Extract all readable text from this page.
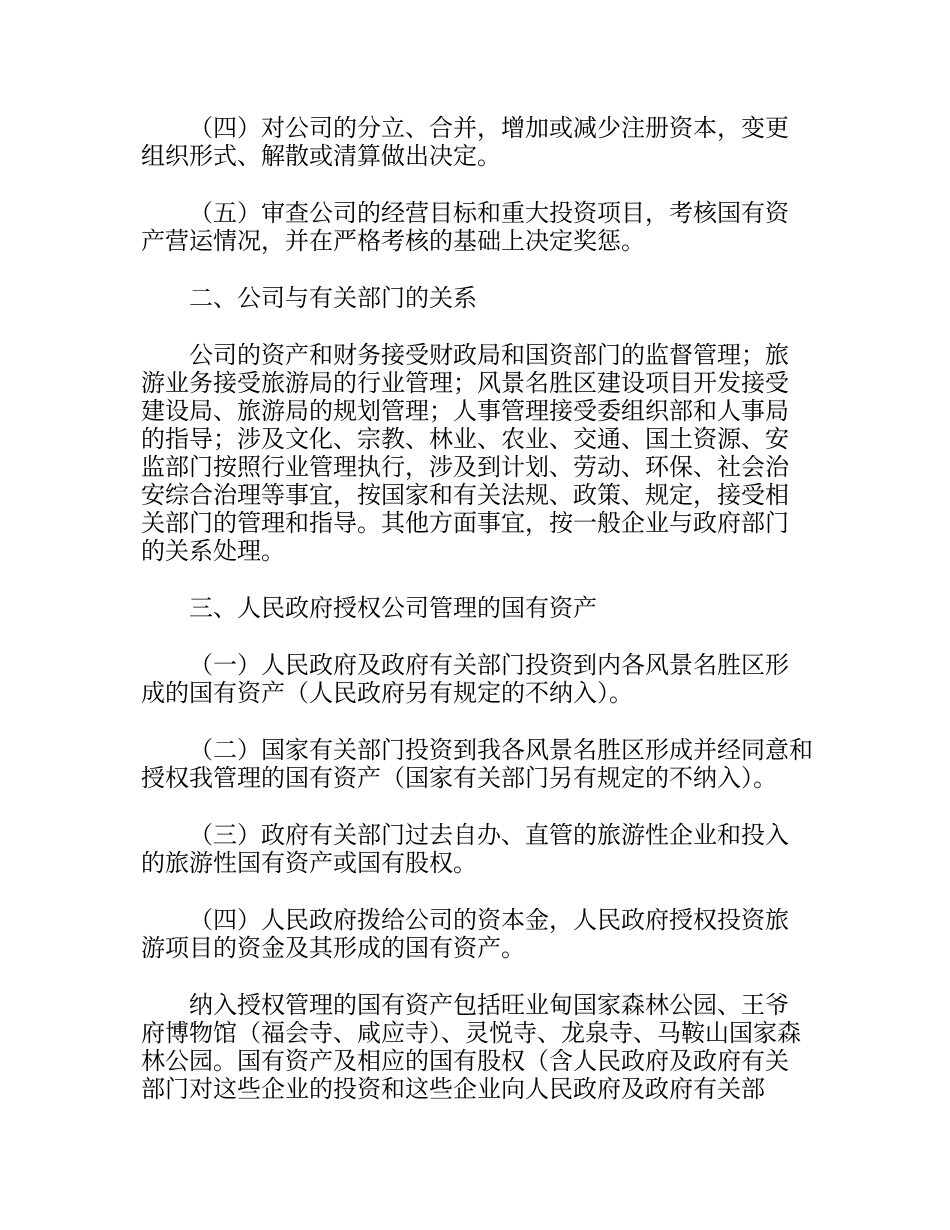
（四）对公司的分立、合并，增加或减少注册资本，变更组织形式、解散或清算做出决定。

（五）审查公司的经营目标和重大投资项目，考核国有资产营运情况，并在严格考核的基础上决定奖惩。

二、公司与有关部门的关系

公司的资产和财务接受财政局和国资部门的监督管理；旅游业务接受旅游局的行业管理；风景名胜区建设项目开发接受建设局、旅游局的规划管理；人事管理接受委组织部和人事局的指导；涉及文化、宗教、林业、农业、交通、国土资源、安监部门按照行业管理执行，涉及到计划、劳动、环保、社会治安综合治理等事宜，按国家和有关法规、政策、规定，接受相关部门的管理和指导。其他方面事宜，按一般企业与政府部门的关系处理。

三、人民政府授权公司管理的国有资产

（一）人民政府及政府有关部门投资到内各风景名胜区形成的国有资产（人民政府另有规定的不纳入）。

（二）国家有关部门投资到我各风景名胜区形成并经同意和授权我管理的国有资产（国家有关部门另有规定的不纳入）。

（三）政府有关部门过去自办、直管的旅游性企业和投入的旅游性国有资产或国有股权。

（四）人民政府拨给公司的资本金，人民政府授权投资旅游项目的资金及其形成的国有资产。

纳入授权管理的国有资产包括旺业甸国家森林公园、王爷府博物馆（福会寺、咸应寺）、灵悦寺、龙泉寺、马鞍山国家森林公园。国有资产及相应的国有股权（含人民政府及政府有关部门对这些企业的投资和这些企业向人民政府及政府有关部
